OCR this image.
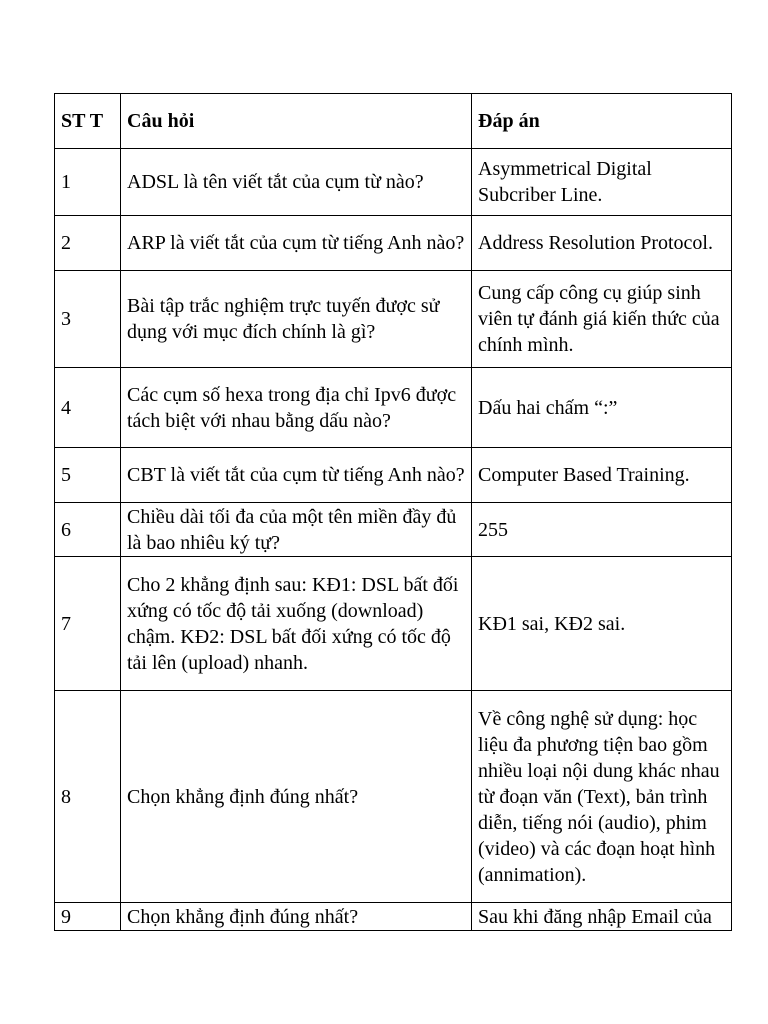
ST T	Câu hỏi	Đáp án
1	ADSL là tên viết tắt của cụm từ nào?	Asymmetrical Digital Subcriber Line.
2	ARP là viết tắt của cụm từ tiếng Anh nào?	Address Resolution Protocol.
3	Bài tập trắc nghiệm trực tuyến được sử dụng với mục đích chính là gì?	Cung cấp công cụ giúp sinh viên tự đánh giá kiến thức của chính mình.
4	Các cụm số hexa trong địa chỉ Ipv6 được tách biệt với nhau bằng dấu nào?	Dấu hai chấm “:”
5	CBT là viết tắt của cụm từ tiếng Anh nào?	Computer Based Training.
6	Chiều dài tối đa của một tên miền đầy đủ là bao nhiêu ký tự?	255
7	Cho 2 khẳng định sau: KĐ1: DSL bất đối xứng có tốc độ tải xuống (download) chậm. KĐ2: DSL bất đối xứng có tốc độ tải lên (upload) nhanh.	KĐ1 sai, KĐ2 sai.
8	Chọn khẳng định đúng nhất?	Về công nghệ sử dụng: học liệu đa phương tiện bao gồm nhiều loại nội dung khác nhau từ đoạn văn (Text), bản trình diễn, tiếng nói (audio), phim (video) và các đoạn hoạt hình (annimation).
9	Chọn khẳng định đúng nhất?	Sau khi đăng nhập Email của
